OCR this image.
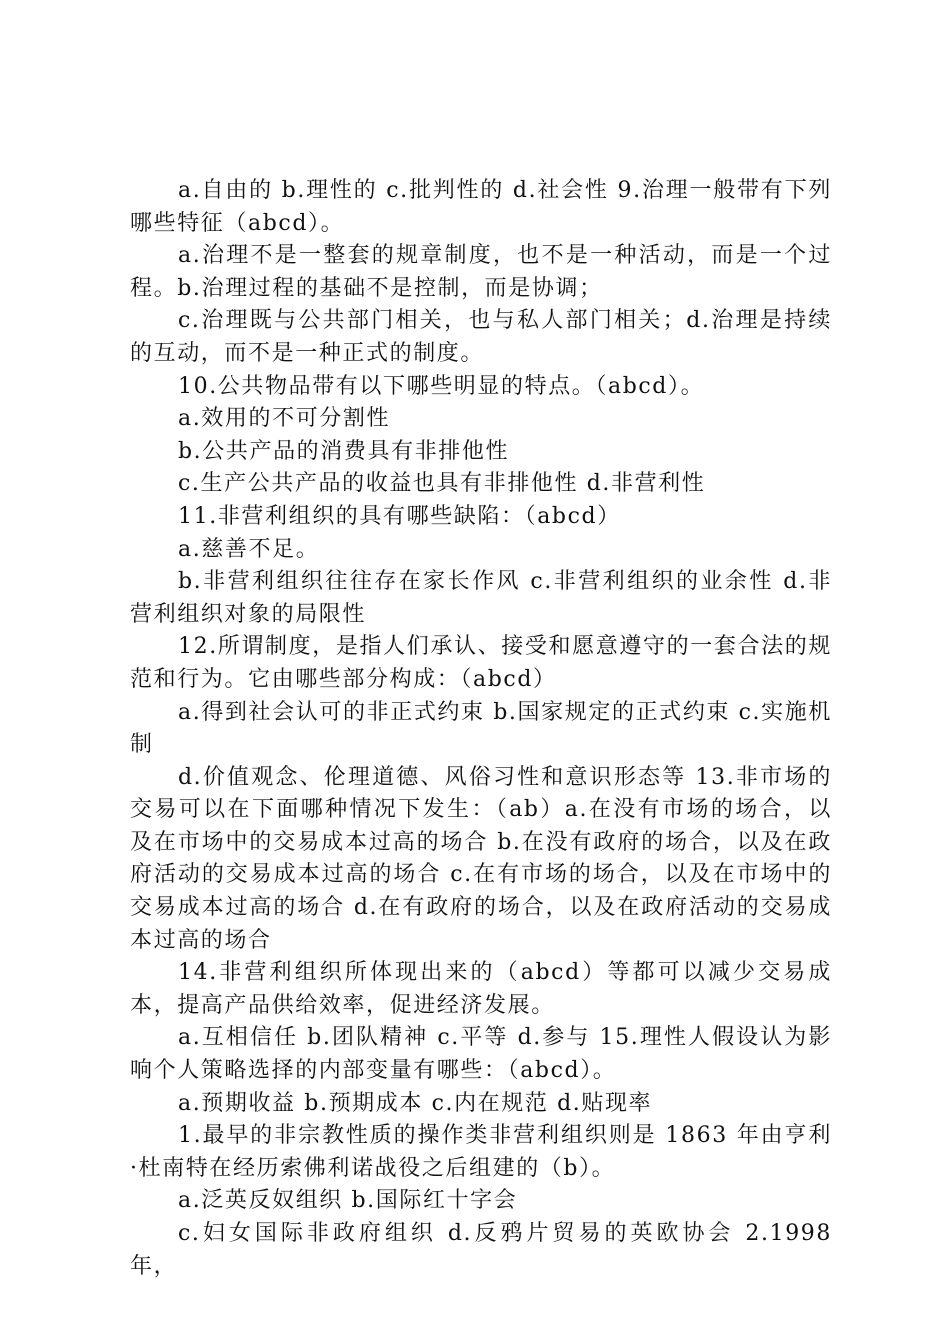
a.自由的 b.理性的 c.批判性的 d.社会性 9.治理一般带有下列哪些特征（abcd）。

a.治理不是一整套的规章制度，也不是一种活动，而是一个过程。b.治理过程的基础不是控制，而是协调；

c.治理既与公共部门相关，也与私人部门相关；d.治理是持续的互动，而不是一种正式的制度。

10.公共物品带有以下哪些明显的特点。（abcd）。

a.效用的不可分割性

b.公共产品的消费具有非排他性

c.生产公共产品的收益也具有非排他性 d.非营利性

11.非营利组织的具有哪些缺陷：（abcd）

a.慈善不足。

b.非营利组织往往存在家长作风 c.非营利组织的业余性 d.非营利组织对象的局限性

12.所谓制度，是指人们承认、接受和愿意遵守的一套合法的规范和行为。它由哪些部分构成：（abcd）

a.得到社会认可的非正式约束 b.国家规定的正式约束 c.实施机制

d.价值观念、伦理道德、风俗习性和意识形态等 13.非市场的交易可以在下面哪种情况下发生：（ab）a.在没有市场的场合，以及在市场中的交易成本过高的场合 b.在没有政府的场合，以及在政府活动的交易成本过高的场合 c.在有市场的场合，以及在市场中的交易成本过高的场合 d.在有政府的场合，以及在政府活动的交易成本过高的场合

14.非营利组织所体现出来的（abcd）等都可以减少交易成本，提高产品供给效率，促进经济发展。

a.互相信任 b.团队精神 c.平等 d.参与 15.理性人假设认为影响个人策略选择的内部变量有哪些：（abcd）。

a.预期收益 b.预期成本 c.内在规范 d.贴现率

1.最早的非宗教性质的操作类非营利组织则是 1863 年由亨利·杜南特在经历索佛利诺战役之后组建的（b）。

a.泛英反奴组织 b.国际红十字会

c.妇女国际非政府组织 d.反鸦片贸易的英欧协会 2.1998 年，
